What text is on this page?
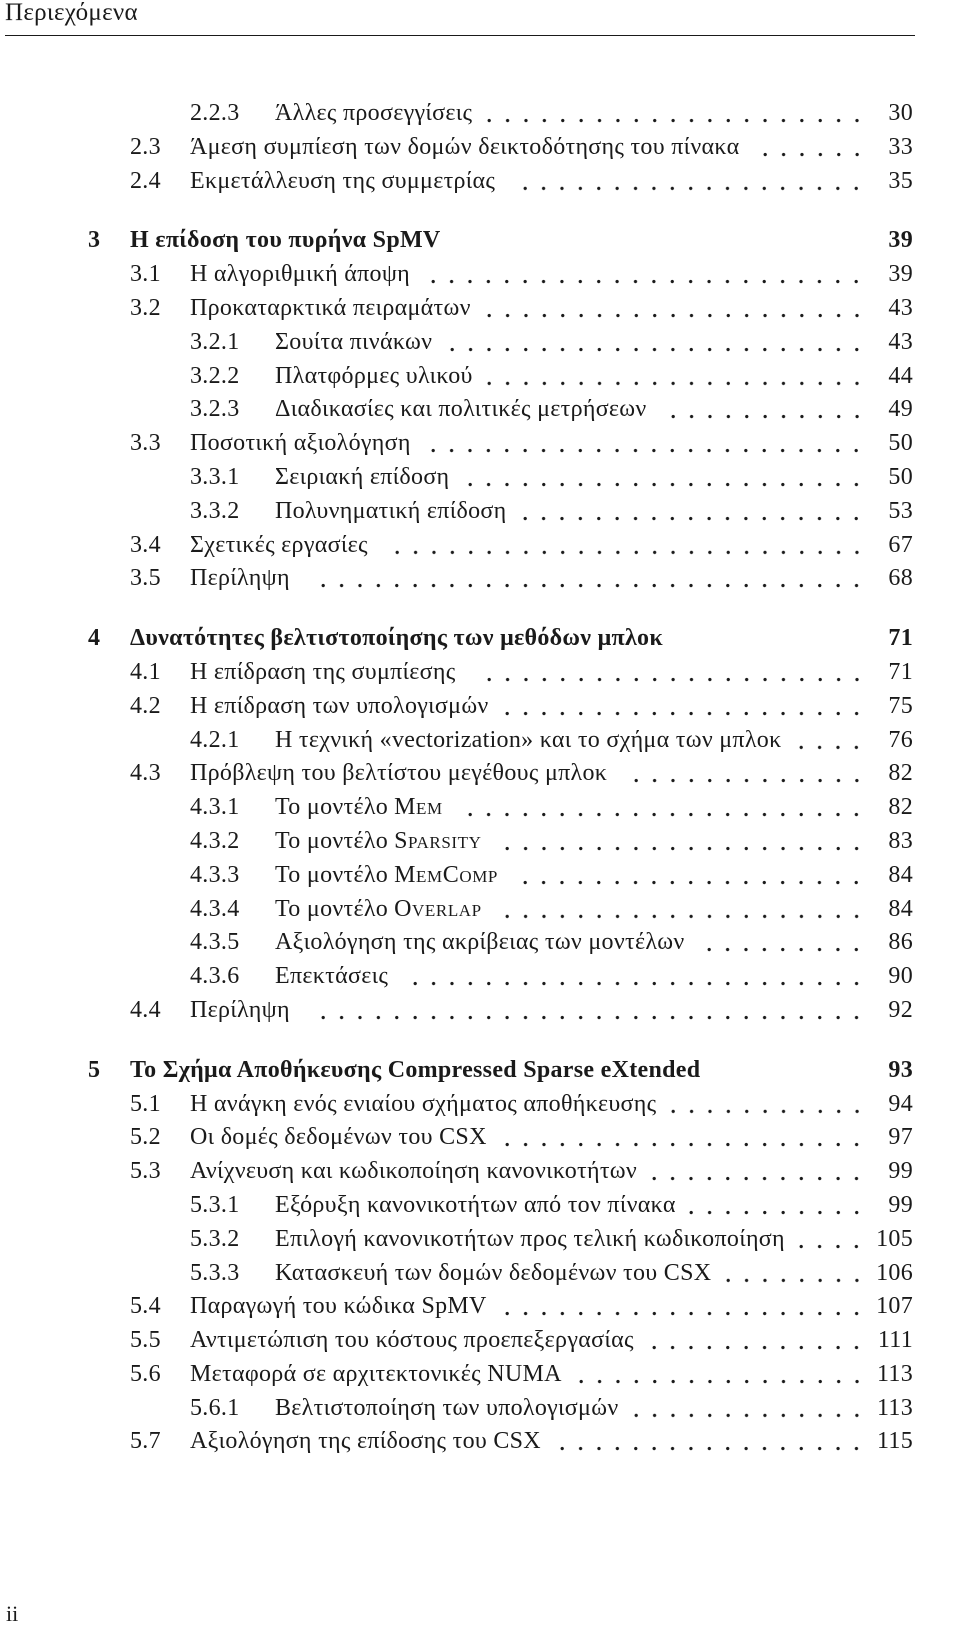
Περιεχόμενα
2.2.3	Άλλες προσεγγίσεις	30
2.3	Άμεση συμπίεση των δομών δεικτοδότησης του πίνακα	33
2.4	Εκμετάλλευση της συμμετρίας	35
3	Η επίδοση του πυρήνα SpMV	39
3.1	Η αλγοριθμική άποψη	39
3.2	Προκαταρκτικά πειραμάτων	43
3.2.1	Σουίτα πινάκων	43
3.2.2	Πλατφόρμες υλικού	44
3.2.3	Διαδικασίες και πολιτικές μετρήσεων	49
3.3	Ποσοτική αξιολόγηση	50
3.3.1	Σειριακή επίδοση	50
3.3.2	Πολυνηματική επίδοση	53
3.4	Σχετικές εργασίες	67
3.5	Περίληψη	68
4	Δυνατότητες βελτιστοποίησης των μεθόδων μπλοκ	71
4.1	Η επίδραση της συμπίεσης	71
4.2	Η επίδραση των υπολογισμών	75
4.2.1	Η τεχνική «vectorization» και το σχήμα των μπλοκ	76
4.3	Πρόβλεψη του βελτίστου μεγέθους μπλοκ	82
4.3.1	Το μοντέλο Mem	82
4.3.2	Το μοντέλο Sparsity	83
4.3.3	Το μοντέλο MemComp	84
4.3.4	Το μοντέλο Overlap	84
4.3.5	Αξιολόγηση της ακρίβειας των μοντέλων	86
4.3.6	Επεκτάσεις	90
4.4	Περίληψη	92
5	Το Σχήμα Αποθήκευσης Compressed Sparse eXtended	93
5.1	Η ανάγκη ενός ενιαίου σχήματος αποθήκευσης	94
5.2	Οι δομές δεδομένων του CSX	97
5.3	Ανίχνευση και κωδικοποίηση κανονικοτήτων	99
5.3.1	Εξόρυξη κανονικοτήτων από τον πίνακα	99
5.3.2	Επιλογή κανονικοτήτων προς τελική κωδικοποίηση	105
5.3.3	Κατασκευή των δομών δεδομένων του CSX	106
5.4	Παραγωγή του κώδικα SpMV	107
5.5	Αντιμετώπιση του κόστους προεπεξεργασίας	111
5.6	Μεταφορά σε αρχιτεκτονικές NUMA	113
5.6.1	Βελτιστοποίηση των υπολογισμών	113
5.7	Αξιολόγηση της επίδοσης του CSX	115
ii
